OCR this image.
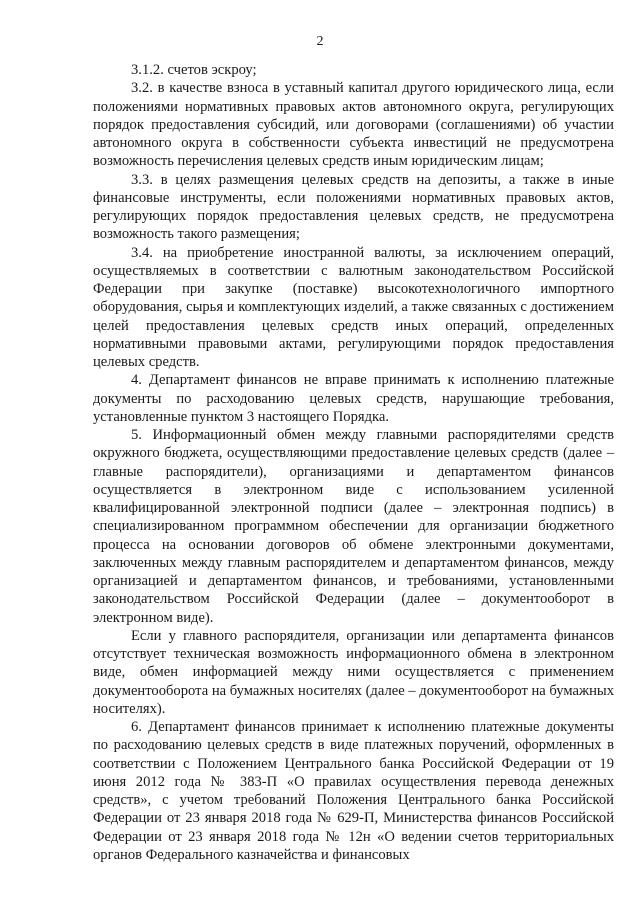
2

3.1.2. счетов эскроу;

3.2. в качестве взноса в уставный капитал другого юридического лица, если положениями нормативных правовых актов автономного округа, регулирующих порядок предоставления субсидий, или договорами (соглашениями) об участии автономного округа в собственности субъекта инвестиций не предусмотрена возможность перечисления целевых средств иным юридическим лицам;

3.3. в целях размещения целевых средств на депозиты, а также в иные финансовые инструменты, если положениями нормативных правовых актов, регулирующих порядок предоставления целевых средств, не предусмотрена возможность такого размещения;

3.4. на приобретение иностранной валюты, за исключением операций, осуществляемых в соответствии с валютным законодательством Российской Федерации при закупке (поставке) высокотехнологичного импортного оборудования, сырья и комплектующих изделий, а также связанных с достижением целей предоставления целевых средств иных операций, определенных нормативными правовыми актами, регулирующими порядок предоставления целевых средств.

4. Департамент финансов не вправе принимать к исполнению платежные документы по расходованию целевых средств, нарушающие требования, установленные пунктом 3 настоящего Порядка.

5. Информационный обмен между главными распорядителями средств окружного бюджета, осуществляющими предоставление целевых средств (далее – главные распорядители), организациями и департаментом финансов осуществляется в электронном виде с использованием усиленной квалифицированной электронной подписи (далее – электронная подпись) в специализированном программном обеспечении для организации бюджетного процесса на основании договоров об обмене электронными документами, заключенных между главным распорядителем и департаментом финансов, между организацией и департаментом финансов, и требованиями, установленными законодательством Российской Федерации (далее – документооборот в электронном виде).

Если у главного распорядителя, организации или департамента финансов отсутствует техническая возможность информационного обмена в электронном виде, обмен информацией между ними осуществляется с применением документооборота на бумажных носителях (далее – документооборот на бумажных носителях).

6. Департамент финансов принимает к исполнению платежные документы по расходованию целевых средств в виде платежных поручений, оформленных в соответствии с Положением Центрального банка Российской Федерации от 19 июня 2012 года № 383-П «О правилах осуществления перевода денежных средств», с учетом требований Положения Центрального банка Российской Федерации от 23 января 2018 года № 629-П, Министерства финансов Российской Федерации от 23 января 2018 года № 12н «О ведении счетов территориальных органов Федерального казначейства и финансовых
